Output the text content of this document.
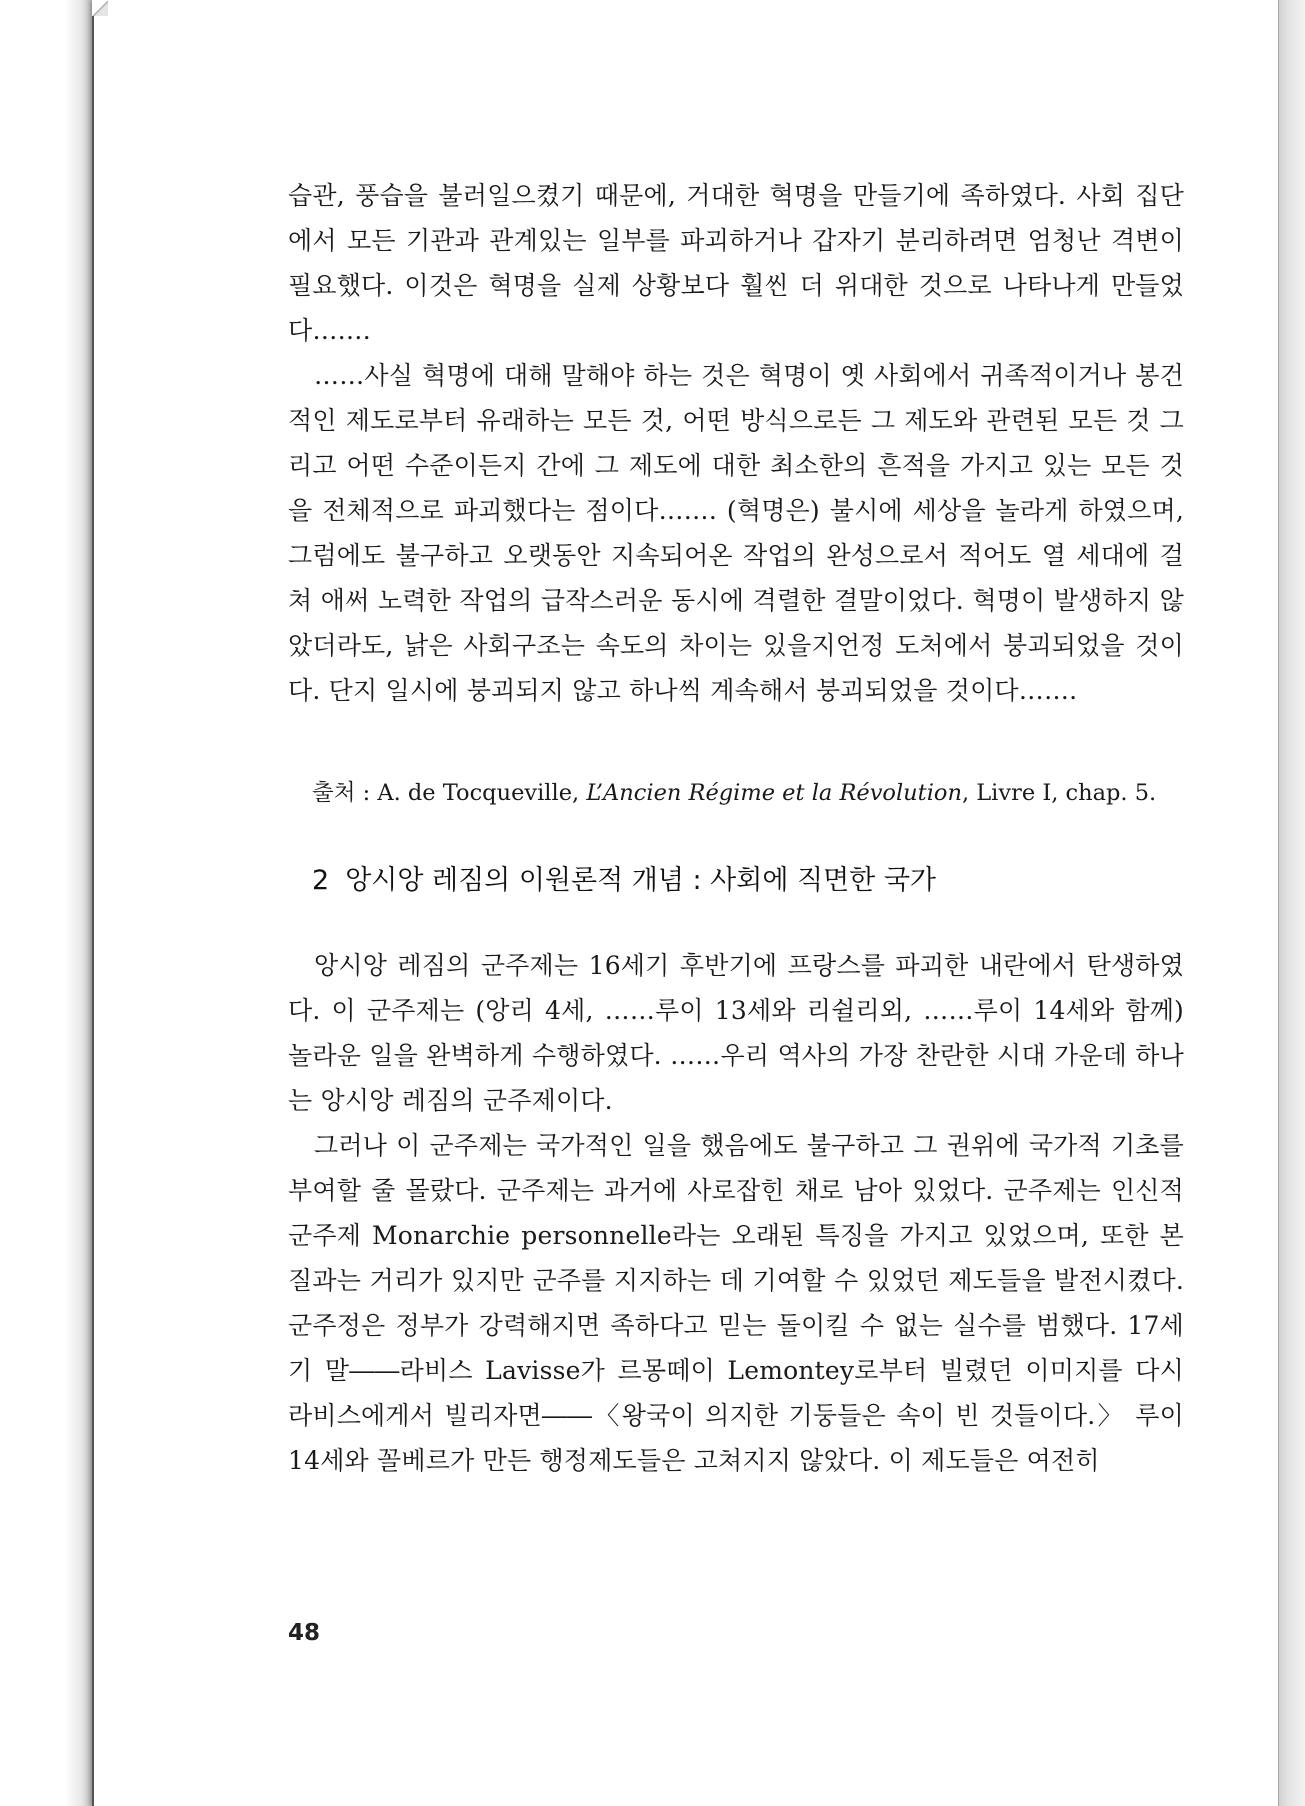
습관, 풍습을 불러일으켰기 때문에, 거대한 혁명을 만들기에 족하였다. 사회 집단에서 모든 기관과 관계있는 일부를 파괴하거나 갑자기 분리하려면 엄청난 격변이 필요했다. 이것은 혁명을 실제 상황보다 훨씬 더 위대한 것으로 나타나게 만들었다…….

……사실 혁명에 대해 말해야 하는 것은 혁명이 옛 사회에서 귀족적이거나 봉건적인 제도로부터 유래하는 모든 것, 어떤 방식으로든 그 제도와 관련된 모든 것 그리고 어떤 수준이든지 간에 그 제도에 대한 최소한의 흔적을 가지고 있는 모든 것을 전체적으로 파괴했다는 점이다……. (혁명은) 불시에 세상을 놀라게 하였으며, 그럼에도 불구하고 오랫동안 지속되어온 작업의 완성으로서 적어도 열 세대에 걸쳐 애써 노력한 작업의 급작스러운 동시에 격렬한 결말이었다. 혁명이 발생하지 않았더라도, 낡은 사회구조는 속도의 차이는 있을지언정 도처에서 붕괴되었을 것이다. 단지 일시에 붕괴되지 않고 하나씩 계속해서 붕괴되었을 것이다…….

출처 : A. de Tocqueville, L’Ancien Régime et la Révolution, Livre I, chap. 5.
2 앙시앙 레짐의 이원론적 개념 : 사회에 직면한 국가

앙시앙 레짐의 군주제는 16세기 후반기에 프랑스를 파괴한 내란에서 탄생하였다. 이 군주제는 (앙리 4세, ……루이 13세와 리쉴리외, ……루이 14세와 함께) 놀라운 일을 완벽하게 수행하였다. ……우리 역사의 가장 찬란한 시대 가운데 하나는 앙시앙 레짐의 군주제이다.

그러나 이 군주제는 국가적인 일을 했음에도 불구하고 그 권위에 국가적 기초를 부여할 줄 몰랐다. 군주제는 과거에 사로잡힌 채로 남아 있었다. 군주제는 인신적 군주제 Monarchie personnelle라는 오래된 특징을 가지고 있었으며, 또한 본질과는 거리가 있지만 군주를 지지하는 데 기여할 수 있었던 제도들을 발전시켰다. 군주정은 정부가 강력해지면 족하다고 믿는 돌이킬 수 없는 실수를 범했다. 17세기 말――라비스 Lavisse가 르몽떼이 Lemontey로부터 빌렸던 이미지를 다시 라비스에게서 빌리자면――〈왕국이 의지한 기둥들은 속이 빈 것들이다.〉 루이 14세와 꼴베르가 만든 행정제도들은 고쳐지지 않았다. 이 제도들은 여전히

48
